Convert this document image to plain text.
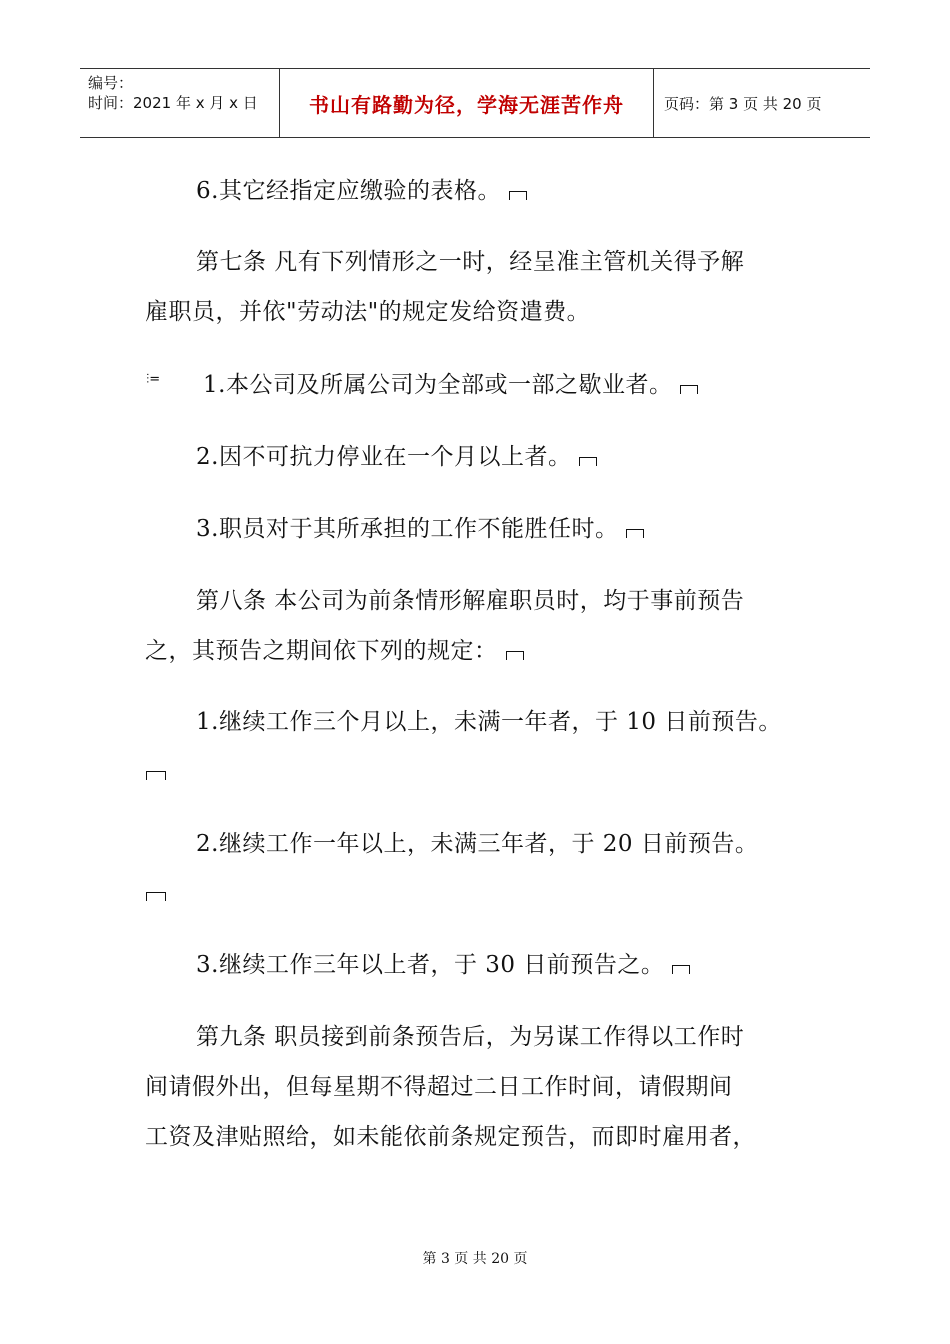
编号：
时间：2021 年 x 月 x 日	书山有路勤为径，学海无涯苦作舟	页码：第 3 页 共 20 页
6.其它经指定应缴验的表格。
第七条 凡有下列情形之一时，经呈准主管机关得予解
雇职员，并依"劳动法"的规定发给资遣费。
⫶= 1.本公司及所属公司为全部或一部之歇业者。
2.因不可抗力停业在一个月以上者。
3.职员对于其所承担的工作不能胜任时。
第八条 本公司为前条情形解雇职员时，均于事前预告
之，其预告之期间依下列的规定：
1.继续工作三个月以上，未满一年者，于 10 日前预告。
2.继续工作一年以上，未满三年者，于 20 日前预告。
3.继续工作三年以上者，于 30 日前预告之。
第九条 职员接到前条预告后，为另谋工作得以工作时
间请假外出，但每星期不得超过二日工作时间，请假期间
工资及津贴照给，如未能依前条规定预告，而即时雇用者，
第 3 页 共 20 页
